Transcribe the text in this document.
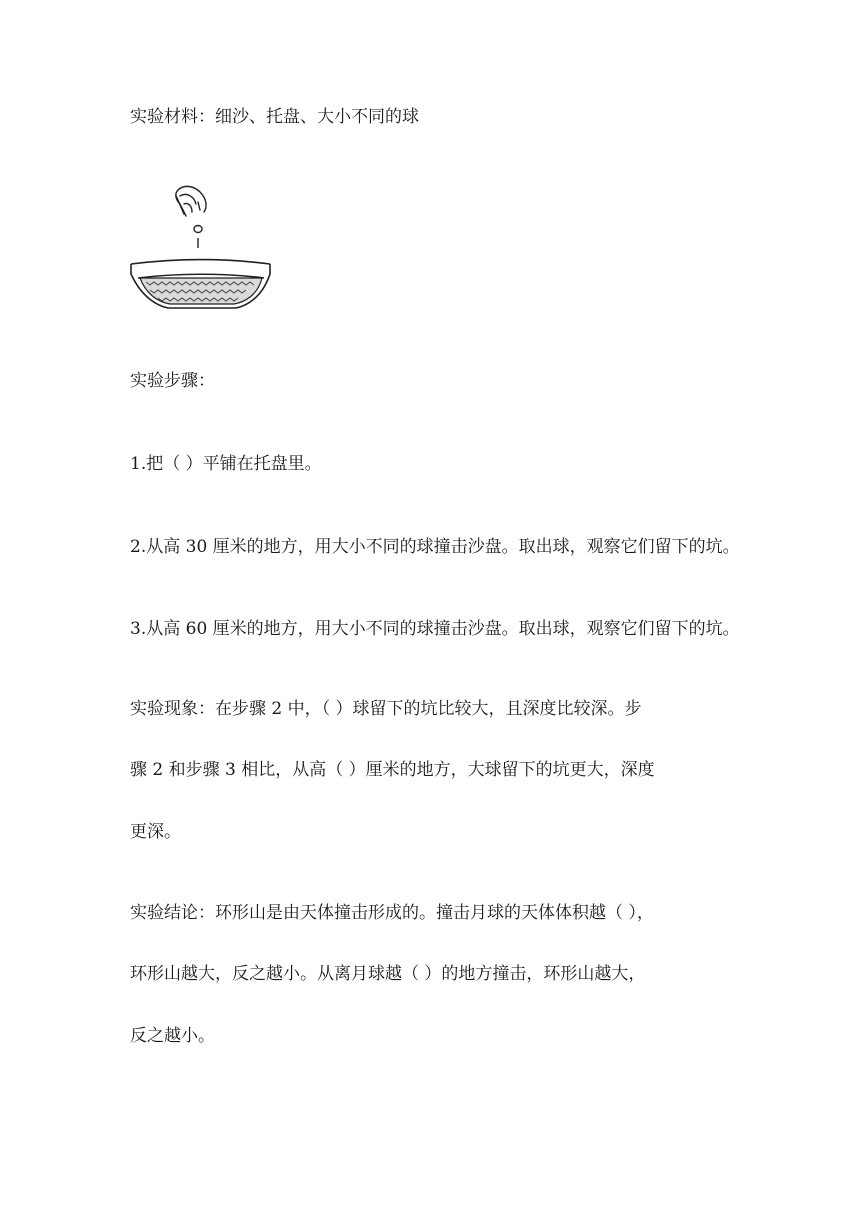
实验材料：细沙、托盘、大小不同的球
实验步骤：
1.把（ ）平铺在托盘里。
2.从高 30 厘米的地方，用大小不同的球撞击沙盘。取出球，观察它们留下的坑。
3.从高 60 厘米的地方，用大小不同的球撞击沙盘。取出球，观察它们留下的坑。
实验现象：在步骤 2 中，（ ）球留下的坑比较大，且深度比较深。步
骤 2 和步骤 3 相比，从高（ ）厘米的地方，大球留下的坑更大，深度
更深。
实验结论：环形山是由天体撞击形成的。撞击月球的天体体积越（ ），
环形山越大，反之越小。从离月球越（ ）的地方撞击，环形山越大，
反之越小。
